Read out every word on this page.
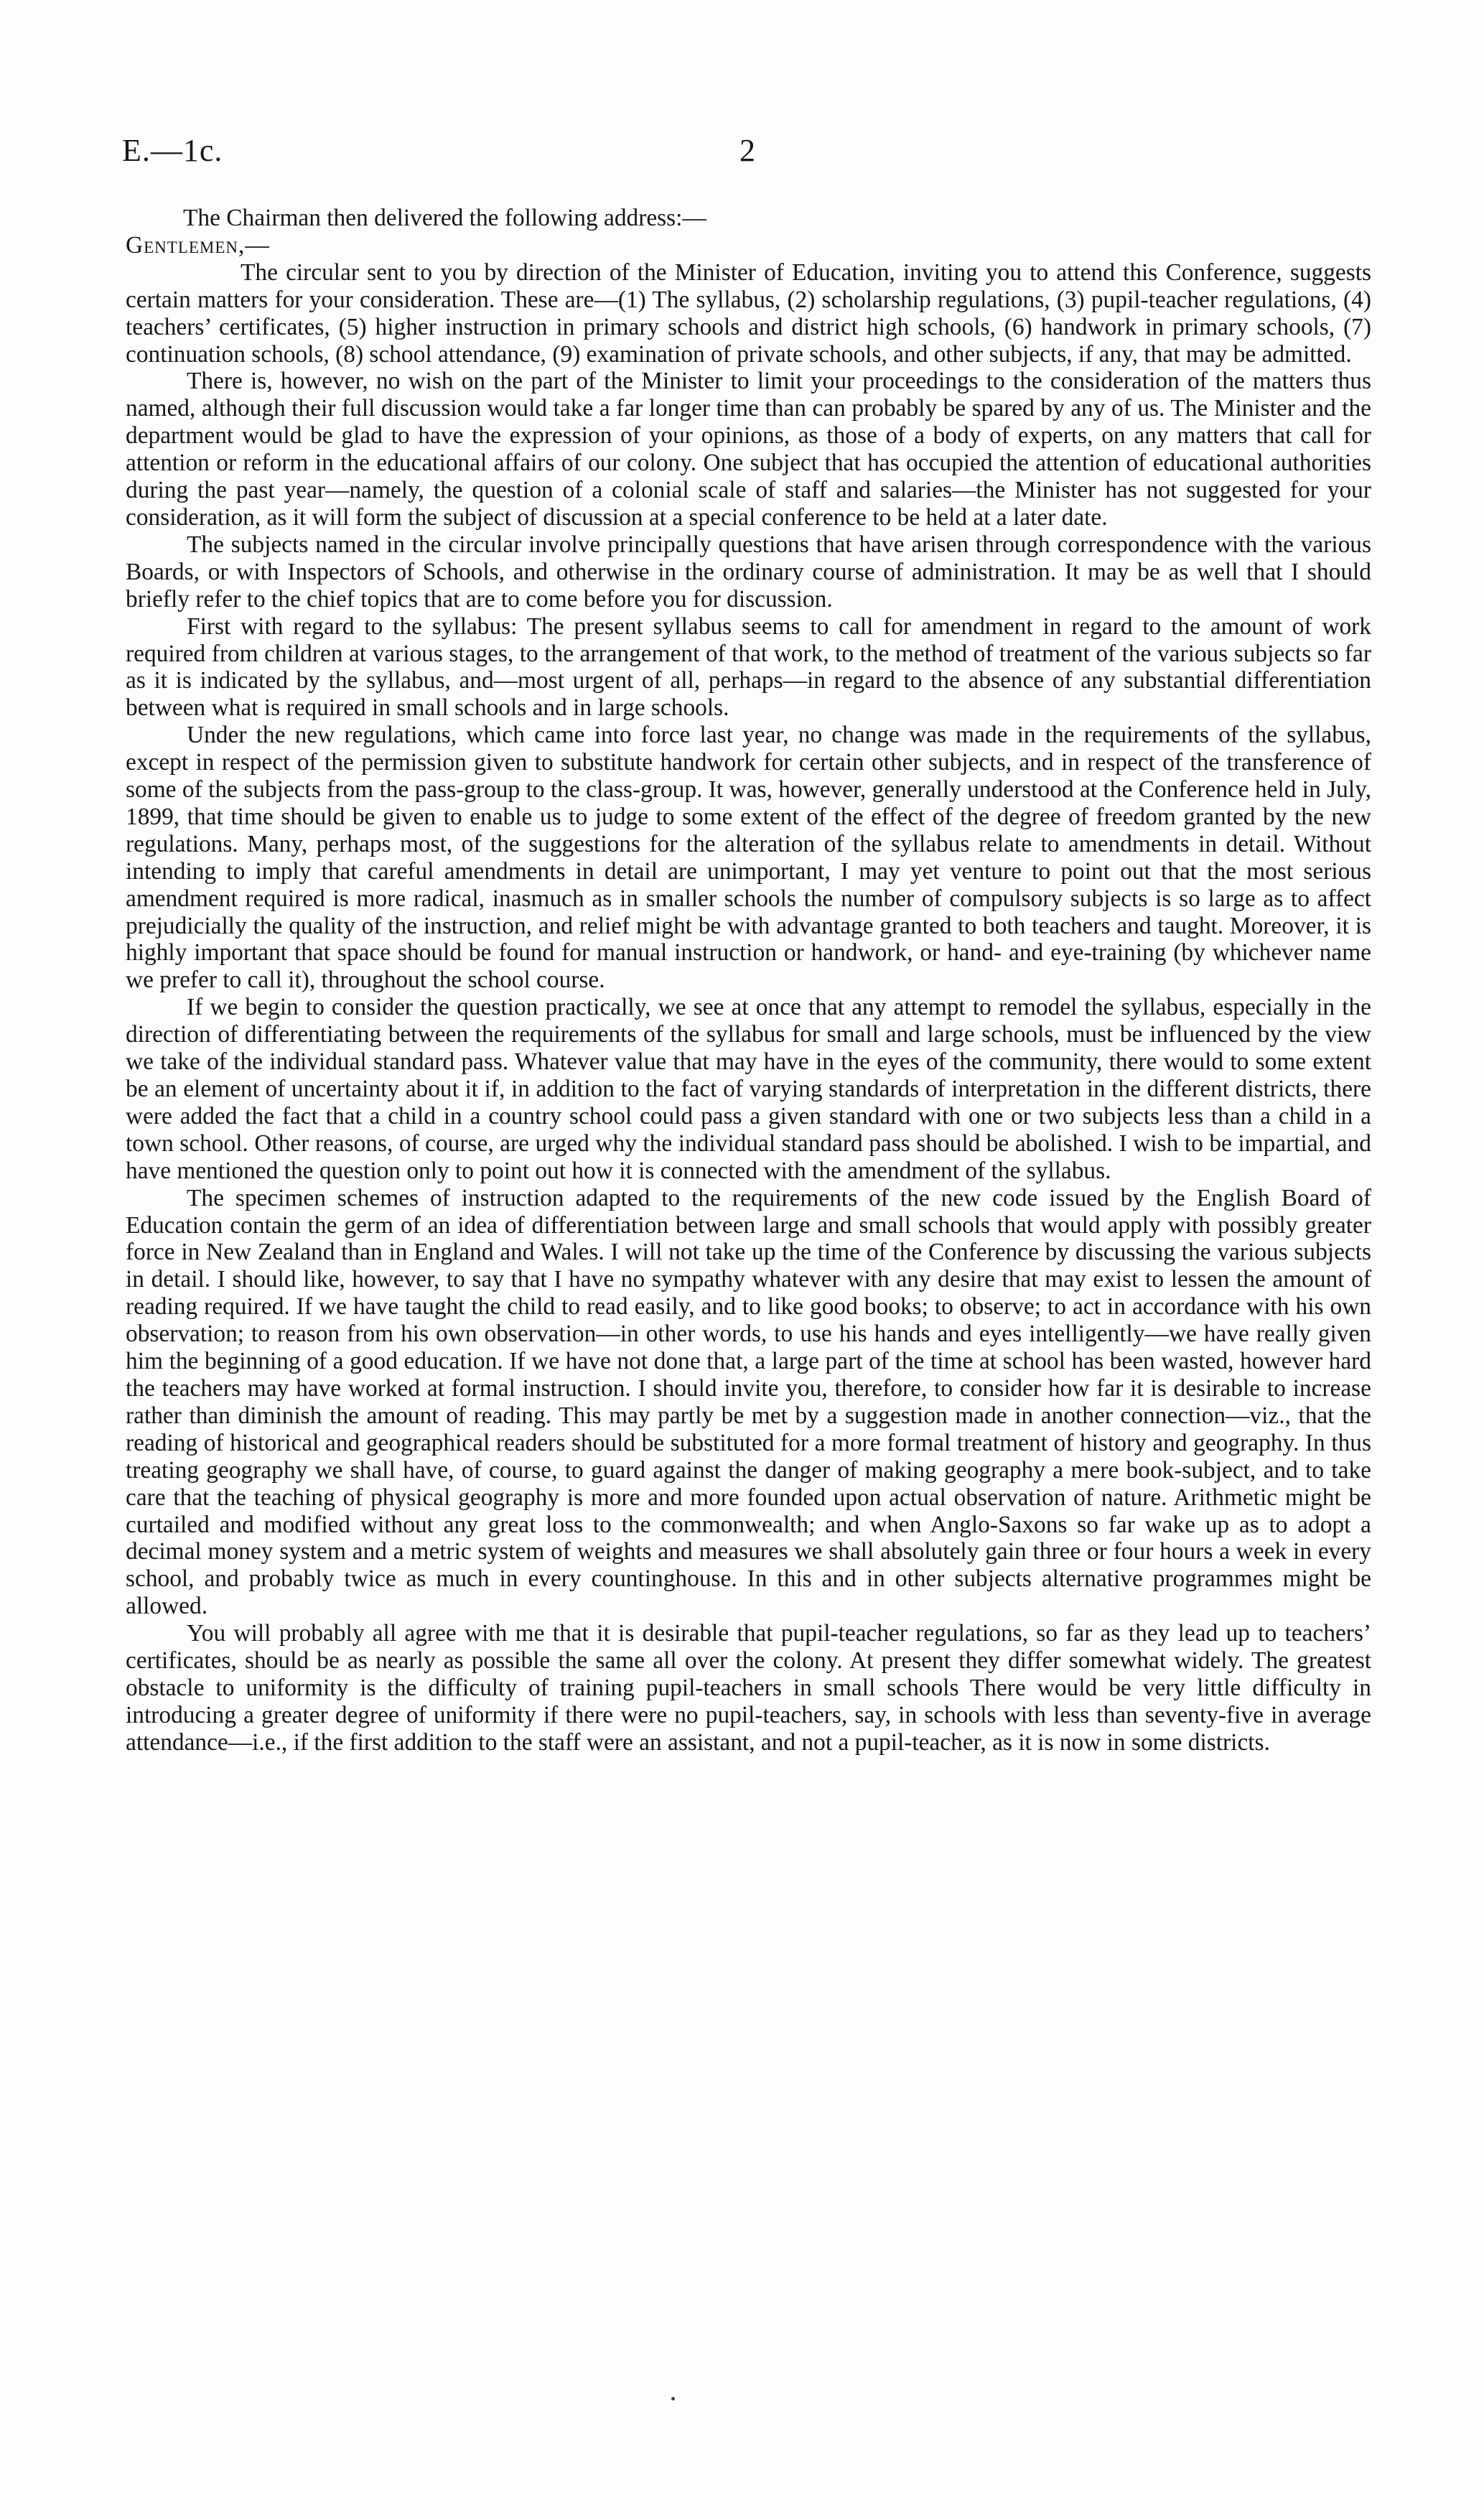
E.—1c.	2

The Chairman then delivered the following address:—

Gentlemen,—

The circular sent to you by direction of the Minister of Education, inviting you to attend this Conference, suggests certain matters for your consideration. These are—(1) The syllabus, (2) scholarship regulations, (3) pupil-teacher regulations, (4) teachers’ certificates, (5) higher instruction in primary schools and district high schools, (6) handwork in primary schools, (7) continuation schools, (8) school attendance, (9) examination of private schools, and other subjects, if any, that may be admitted.

There is, however, no wish on the part of the Minister to limit your proceedings to the consideration of the matters thus named, although their full discussion would take a far longer time than can probably be spared by any of us. The Minister and the department would be glad to have the expression of your opinions, as those of a body of experts, on any matters that call for attention or reform in the educational affairs of our colony. One subject that has occupied the attention of educational authorities during the past year—namely, the question of a colonial scale of staff and salaries—the Minister has not suggested for your consideration, as it will form the subject of discussion at a special conference to be held at a later date.

The subjects named in the circular involve principally questions that have arisen through correspondence with the various Boards, or with Inspectors of Schools, and otherwise in the ordinary course of administration. It may be as well that I should briefly refer to the chief topics that are to come before you for discussion.

First with regard to the syllabus: The present syllabus seems to call for amendment in regard to the amount of work required from children at various stages, to the arrangement of that work, to the method of treatment of the various subjects so far as it is indicated by the syllabus, and—most urgent of all, perhaps—in regard to the absence of any substantial differentiation between what is required in small schools and in large schools.

Under the new regulations, which came into force last year, no change was made in the requirements of the syllabus, except in respect of the permission given to substitute handwork for certain other subjects, and in respect of the transference of some of the subjects from the pass-group to the class-group. It was, however, generally understood at the Conference held in July, 1899, that time should be given to enable us to judge to some extent of the effect of the degree of freedom granted by the new regulations. Many, perhaps most, of the suggestions for the alteration of the syllabus relate to amendments in detail. Without intending to imply that careful amendments in detail are unimportant, I may yet venture to point out that the most serious amendment required is more radical, inasmuch as in smaller schools the number of compulsory subjects is so large as to affect prejudicially the quality of the instruction, and relief might be with advantage granted to both teachers and taught. Moreover, it is highly important that space should be found for manual instruction or handwork, or hand- and eye-training (by whichever name we prefer to call it), throughout the school course.

If we begin to consider the question practically, we see at once that any attempt to remodel the syllabus, especially in the direction of differentiating between the requirements of the syllabus for small and large schools, must be influenced by the view we take of the individual standard pass. Whatever value that may have in the eyes of the community, there would to some extent be an element of uncertainty about it if, in addition to the fact of varying standards of interpretation in the different districts, there were added the fact that a child in a country school could pass a given standard with one or two subjects less than a child in a town school. Other reasons, of course, are urged why the individual standard pass should be abolished. I wish to be impartial, and have mentioned the question only to point out how it is connected with the amendment of the syllabus.

The specimen schemes of instruction adapted to the requirements of the new code issued by the English Board of Education contain the germ of an idea of differentiation between large and small schools that would apply with possibly greater force in New Zealand than in England and Wales. I will not take up the time of the Conference by discussing the various subjects in detail. I should like, however, to say that I have no sympathy whatever with any desire that may exist to lessen the amount of reading required. If we have taught the child to read easily, and to like good books; to observe; to act in accordance with his own observation; to reason from his own observation—in other words, to use his hands and eyes intelligently—we have really given him the beginning of a good education. If we have not done that, a large part of the time at school has been wasted, however hard the teachers may have worked at formal instruction. I should invite you, therefore, to consider how far it is desirable to increase rather than diminish the amount of reading. This may partly be met by a suggestion made in another connection—viz., that the reading of historical and geographical readers should be substituted for a more formal treatment of history and geography. In thus treating geography we shall have, of course, to guard against the danger of making geography a mere book-subject, and to take care that the teaching of physical geography is more and more founded upon actual observation of nature. Arithmetic might be curtailed and modified without any great loss to the commonwealth; and when Anglo-Saxons so far wake up as to adopt a decimal money system and a metric system of weights and measures we shall absolutely gain three or four hours a week in every school, and probably twice as much in every countinghouse. In this and in other subjects alternative programmes might be allowed.

You will probably all agree with me that it is desirable that pupil-teacher regulations, so far as they lead up to teachers’ certificates, should be as nearly as possible the same all over the colony. At present they differ somewhat widely. The greatest obstacle to uniformity is the difficulty of training pupil-teachers in small schools There would be very little difficulty in introducing a greater degree of uniformity if there were no pupil-teachers, say, in schools with less than seventy-five in average attendance—i.e., if the first addition to the staff were an assistant, and not a pupil-teacher, as it is now in some districts.
